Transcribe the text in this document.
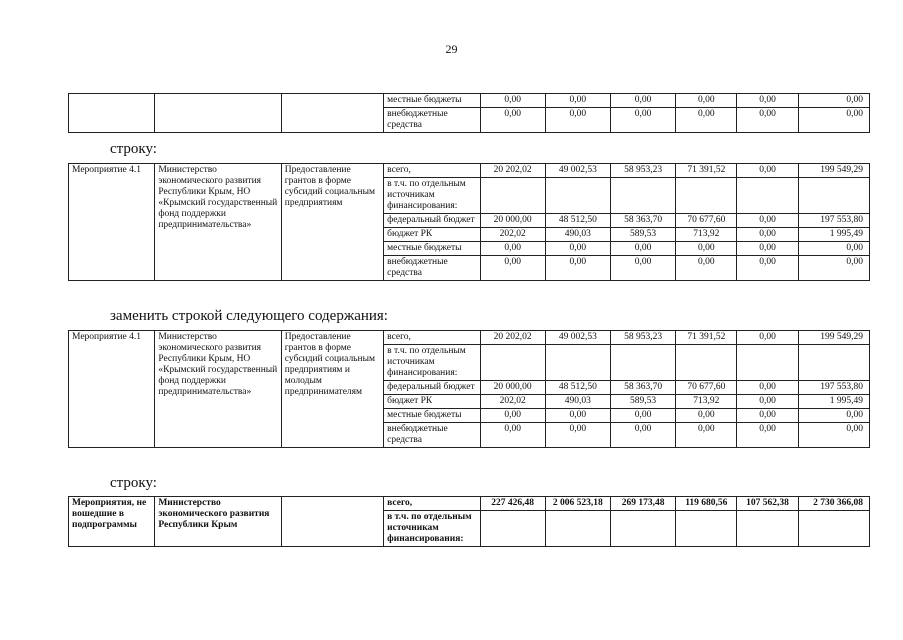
29
			местные бюджеты	0,00	0,00	0,00	0,00	0,00	0,00
			внебюджетные средства	0,00	0,00	0,00	0,00	0,00	0,00
строку:
Мероприятие 4.1	Министерство экономического развития Республики Крым, НО «Крымский государственный фонд поддержки предпринимательства»	Предоставление грантов в форме субсидий социальным предприятиям	всего,	20 202,02	49 002,53	58 953,23	71 391,52	0,00	199 549,29
			в т.ч. по отдельным источникам финансирования:						
			федеральный бюджет	20 000,00	48 512,50	58 363,70	70 677,60	0,00	197 553,80
			бюджет РК	202,02	490,03	589,53	713,92	0,00	1 995,49
			местные бюджеты	0,00	0,00	0,00	0,00	0,00	0,00
			внебюджетные средства	0,00	0,00	0,00	0,00	0,00	0,00
заменить строкой следующего содержания:
Мероприятие 4.1	Министерство экономического развития Республики Крым, НО «Крымский государственный фонд поддержки предпринимательства»	Предоставление грантов в форме субсидий социальным предприятиям и молодым предпринимателям	всего,	20 202,02	49 002,53	58 953,23	71 391,52	0,00	199 549,29
			в т.ч. по отдельным источникам финансирования:						
			федеральный бюджет	20 000,00	48 512,50	58 363,70	70 677,60	0,00	197 553,80
			бюджет РК	202,02	490,03	589,53	713,92	0,00	1 995,49
			местные бюджеты	0,00	0,00	0,00	0,00	0,00	0,00
			внебюджетные средства	0,00	0,00	0,00	0,00	0,00	0,00
строку:
Мероприятия, не вошедшие в подпрограммы	Министерство экономического развития Республики Крым		всего,	227 426,48	2 006 523,18	269 173,48	119 680,56	107 562,38	2 730 366,08
			в т.ч. по отдельным источникам финансирования:						
